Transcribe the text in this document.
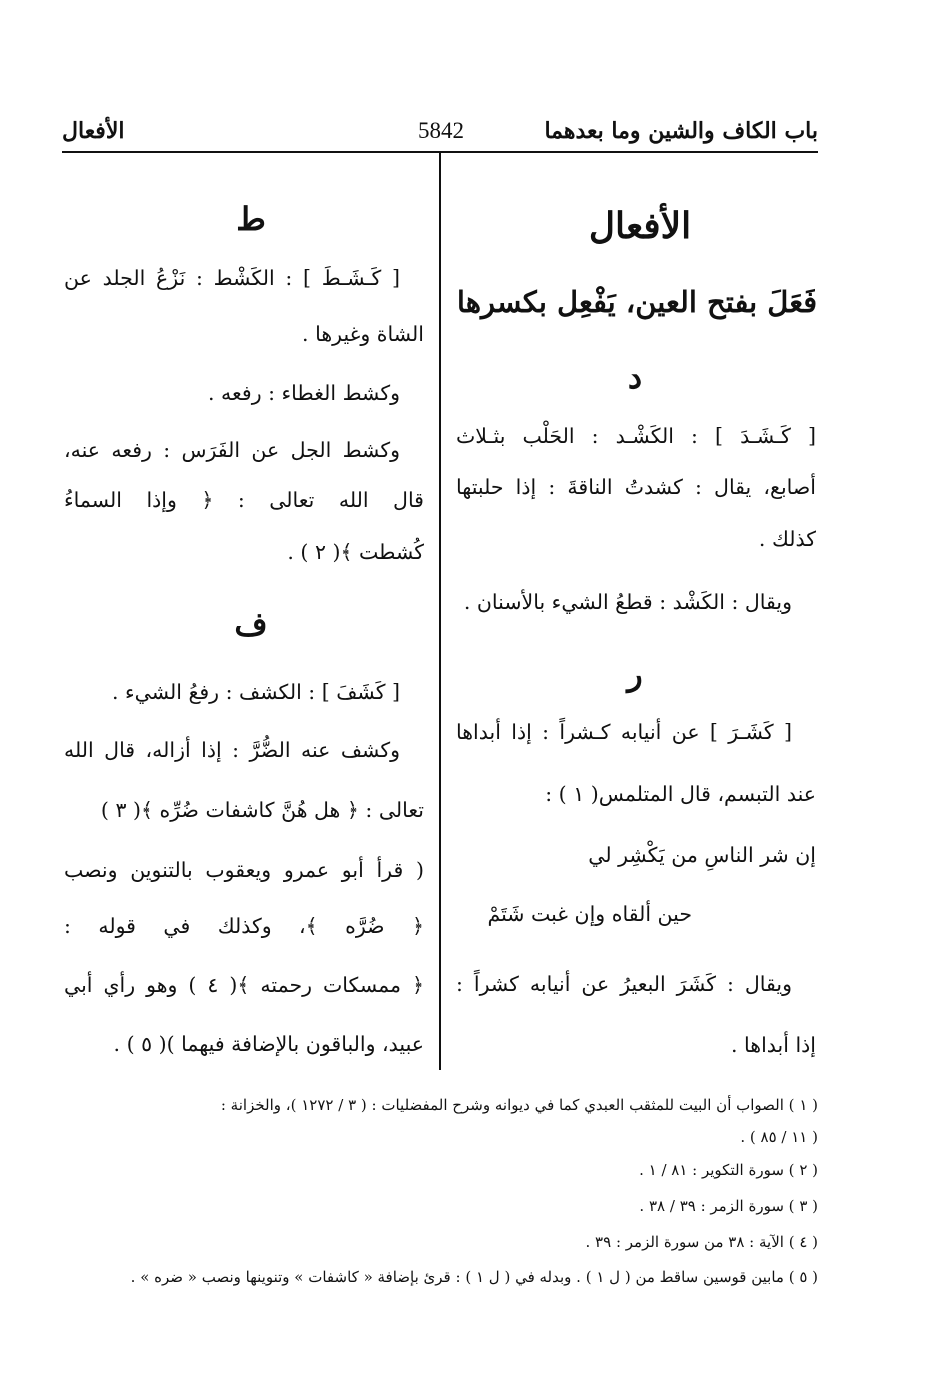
باب الكاف والشين وما بعدهما
5842
الأفعال
الأفعال
فَعَلَ بفتح العين، يَفْعِل بكسرها
د
[ كَـشَـدَ ] : الكَشْـد : الحَلْب بثـلاث
أصابع، يقال : كشدتُ الناقةَ : إذا حلبتها
كذلك .
ويقال : الكَشْد : قطعُ الشيء بالأسنان .
ر
[ كَشَـرَ ] عن أنيابه كـشراً : إذا أبداها
عند التبسم، قال المتلمس( ١ ) :
إن شر الناسِ من يَكْشِر لي
حين ألقاه وإن غبت شَتَمْ
ويقال : كَشَرَ البعيرُ عن أنيابه كشراً :
إذا أبداها .
ط
[ كَـشَـطَ ] : الكَشْط : نَزْعُ الجلد عن
الشاة وغيرها .
وكشط الغطاء : رفعه .
وكشط الجل عن الفَرَس : رفعه عنه،
قال الله تعالى : ﴿ وإذا السماءُ
كُشطت ﴾( ٢ ) .
ف
[ كَشَفَ ] : الكشف : رفعُ الشيء .
وكشف عنه الضُّرَّ : إذا أزاله، قال الله
تعالى : ﴿ هل هُنَّ كاشفات ضُرِّه ﴾( ٣ )
( قرأ أبو عمرو ويعقوب بالتنوين ونصب
﴿ ضُرَّه ﴾، وكذلك في قوله :
﴿ ممسكات رحمته ﴾( ٤ ) وهو رأي أبي
عبيد، والباقون بالإضافة فيهما )( ٥ ) .
( ١ ) الصواب أن البيت للمثقب العبدي كما في ديوانه وشرح المفضليات : ( ٣ / ١٢٧٢ )، والخزانة :
( ١١ / ٨٥ ) .
( ٢ ) سورة التكوير : ٨١ / ١ .
( ٣ ) سورة الزمر : ٣٩ / ٣٨ .
( ٤ ) الآية : ٣٨ من سورة الزمر : ٣٩ .
( ٥ ) مابين قوسين ساقط من ( ل ١ ) . وبدله في ( ل ١ ) : قرئ بإضافة « كاشفات » وتنوينها ونصب « ضره » .
